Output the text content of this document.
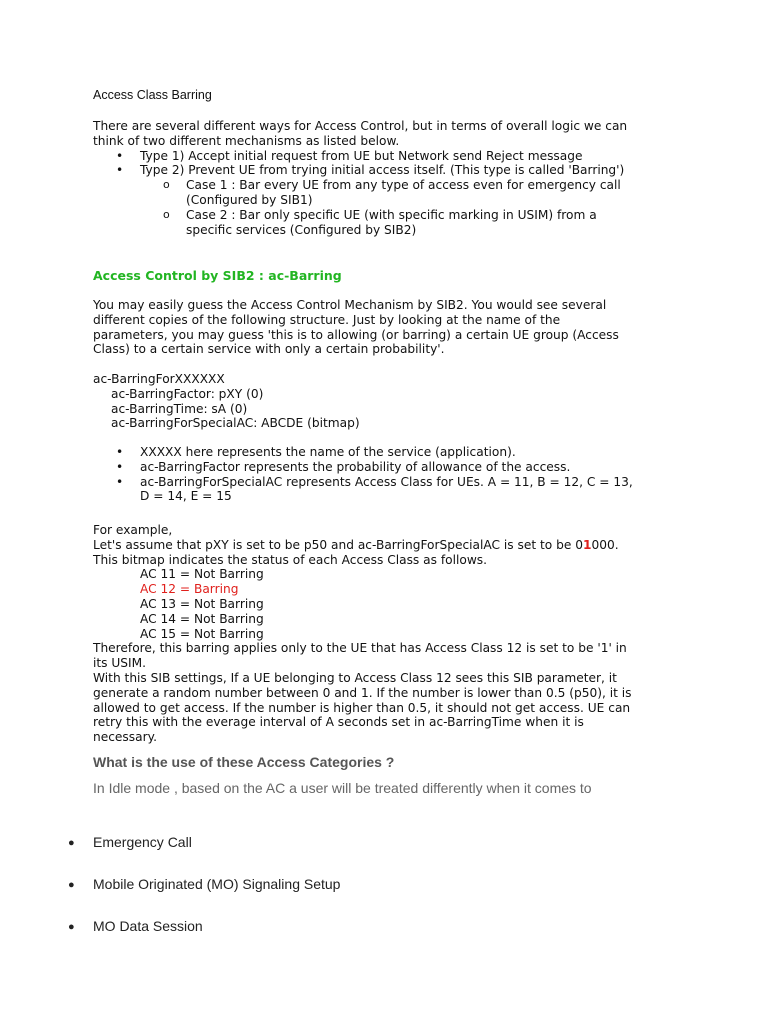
Access Class Barring

There are several different ways for Access Control, but in terms of overall logic we can

think of two different mechanisms as listed below.

• Type 1) Accept initial request from UE but Network send Reject message
• Type 2) Prevent UE from trying initial access itself. (This type is called 'Barring')
o Case 1 : Bar every UE from any type of access even for emergency call
(Configured by SIB1)
o Case 2 : Bar only specific UE (with specific marking in USIM) from a
specific services (Configured by SIB2)
Access Control by SIB2 : ac-Barring

You may easily guess the Access Control Mechanism by SIB2. You would see several

different copies of the following structure. Just by looking at the name of the

parameters, you may guess 'this is to allowing (or barring) a certain UE group (Access

Class) to a certain service with only a certain probability'.

ac-BarringForXXXXXX

ac-BarringFactor: pXY (0)

ac-BarringTime: sA (0)

ac-BarringForSpecialAC: ABCDE (bitmap)

• XXXXX here represents the name of the service (application).
• ac-BarringFactor represents the probability of allowance of the access.
• ac-BarringForSpecialAC represents Access Class for UEs. A = 11, B = 12, C = 13,
D = 14, E = 15

For example,

Let's assume that pXY is set to be p50 and ac-BarringForSpecialAC is set to be 01000.

This bitmap indicates the status of each Access Class as follows.

AC 11 = Not Barring

AC 12 = Barring

AC 13 = Not Barring

AC 14 = Not Barring

AC 15 = Not Barring

Therefore, this barring applies only to the UE that has Access Class 12 is set to be '1' in

its USIM.

With this SIB settings, If a UE belonging to Access Class 12 sees this SIB parameter, it

generate a random number between 0 and 1. If the number is lower than 0.5 (p50), it is

allowed to get access. If the number is higher than 0.5, it should not get access. UE can

retry this with the everage interval of A seconds set in ac-BarringTime when it is

necessary.

What is the use of these Access Categories ?
In Idle mode , based on the AC a user will be treated differently when it comes to
● Emergency Call
● Mobile Originated (MO) Signaling Setup
● MO Data Session
